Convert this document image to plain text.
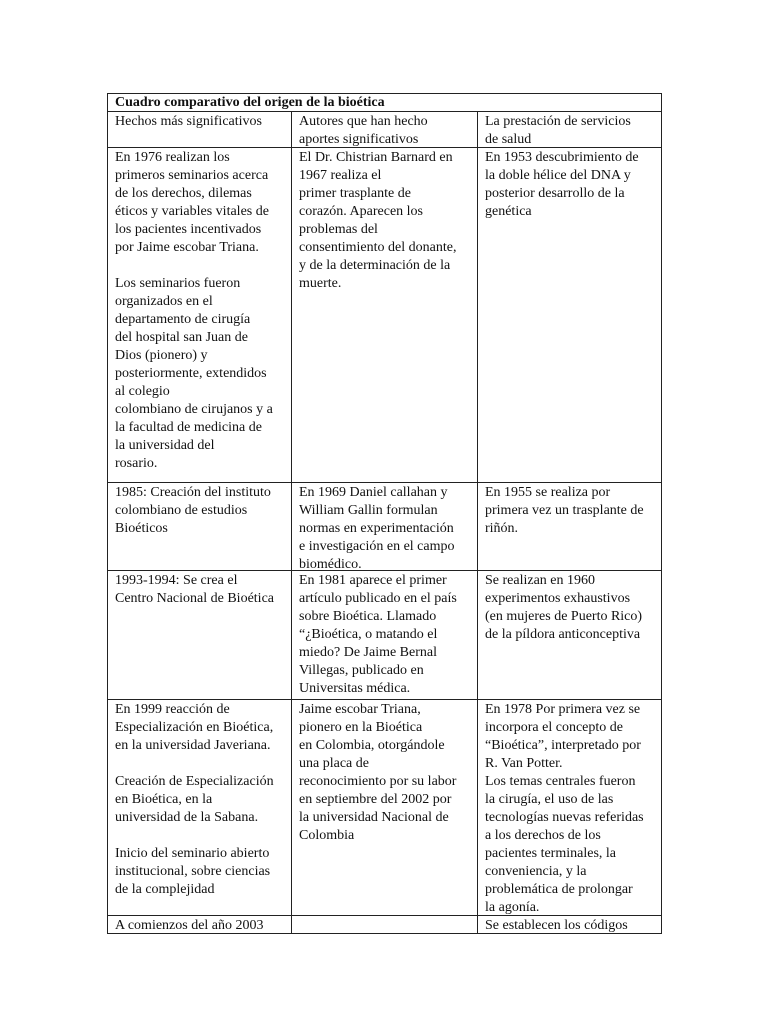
Cuadro comparativo del origen de la bioética
Hechos más significativos	Autores que han hecho
aportes significativos
La prestación de servicios
de salud
En 1976 realizan los
primeros seminarios acerca
de los derechos, dilemas
éticos y variables vitales de
los pacientes incentivados
por Jaime escobar Triana.
Los seminarios fueron
organizados en el
departamento de cirugía
del hospital san Juan de
Dios (pionero) y
posteriormente, extendidos
al colegio
colombiano de cirujanos y a
la facultad de medicina de
la universidad del
rosario.
El Dr. Chistrian Barnard en
1967 realiza el
primer trasplante de
corazón. Aparecen los
problemas del
consentimiento del donante,
y de la determinación de la
muerte.
En 1953 descubrimiento de
la doble hélice del DNA y
posterior desarrollo de la
genética
1985: Creación del instituto
colombiano de estudios
Bioéticos
En 1969 Daniel callahan y
William Gallin formulan
normas en experimentación
e investigación en el campo
biomédico.
En 1955 se realiza por
primera vez un trasplante de
riñón.
1993-1994: Se crea el
Centro Nacional de Bioética
En 1981 aparece el primer
artículo publicado en el país
sobre Bioética. Llamado
“¿Bioética, o matando el
miedo? De Jaime Bernal
Villegas, publicado en
Universitas médica.
Se realizan en 1960
experimentos exhaustivos
(en mujeres de Puerto Rico)
de la píldora anticonceptiva
En 1999 reacción de
Especialización en Bioética,
en la universidad Javeriana.
Creación de Especialización
en Bioética, en la
universidad de la Sabana.
Inicio del seminario abierto
institucional, sobre ciencias
de la complejidad
Jaime escobar Triana,
pionero en la Bioética
en Colombia, otorgándole
una placa de
reconocimiento por su labor
en septiembre del 2002 por
la universidad Nacional de
Colombia
En 1978 Por primera vez se
incorpora el concepto de
“Bioética”, interpretado por
R. Van Potter.
Los temas centrales fueron
la cirugía, el uso de las
tecnologías nuevas referidas
a los derechos de los
pacientes terminales, la
conveniencia, y la
problemática de prolongar
la agonía.
A comienzos del año 2003	Se establecen los códigos
